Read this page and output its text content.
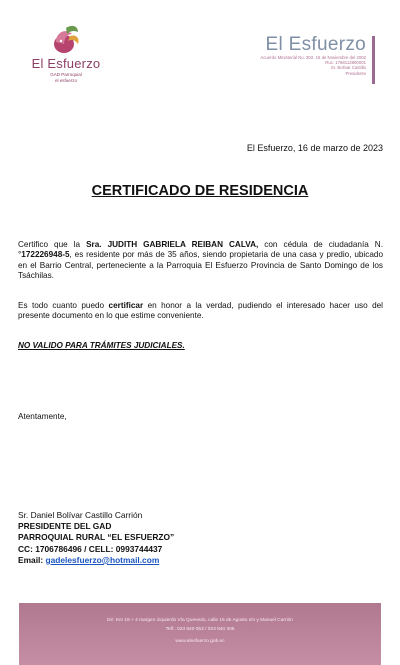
El Esfuerzo
GAD Parroquial
el esfuerzo
El Esfuerzo
Acuerdo Ministerial No. 302, 15 de Noviembre del 2002
Ruc: 1768112800001
Sr. Bolívar Castillo
Presidente
El Esfuerzo, 16 de marzo de 2023
CERTIFICADO DE RESIDENCIA
Certifico que la Sra. JUDITH GABRIELA REIBAN CALVA, con cédula de ciudadanía N.°172226948-5, es residente por más de 35 años, siendo propietaria de una casa y predio, ubicado en el Barrio Central, perteneciente a la Parroquia El Esfuerzo Provincia de Santo Domingo de los Tsáchilas.
Es todo cuanto puedo certificar en honor a la verdad, pudiendo el interesado hacer uso del presente documento en lo que estime conveniente.
NO VALIDO PARA TRÁMITES JUDICIALES.
Atentamente,
Sr. Daniel Bolívar Castillo Carrión
PRESIDENTE DEL GAD
PARROQUIAL RURAL “EL ESFUERZO”
CC: 1706786496 / CELL: 0993744437
Email: gadelesfuerzo@hotmail.com
Dir: Km 19 + 4 margen izquierdo Vía Quevedo, calle 15 de Agosto s/n y Manuel Carrión
Telf.: 023 840 053 / 023 840 306
www.elesfuerzo.gob.ec
